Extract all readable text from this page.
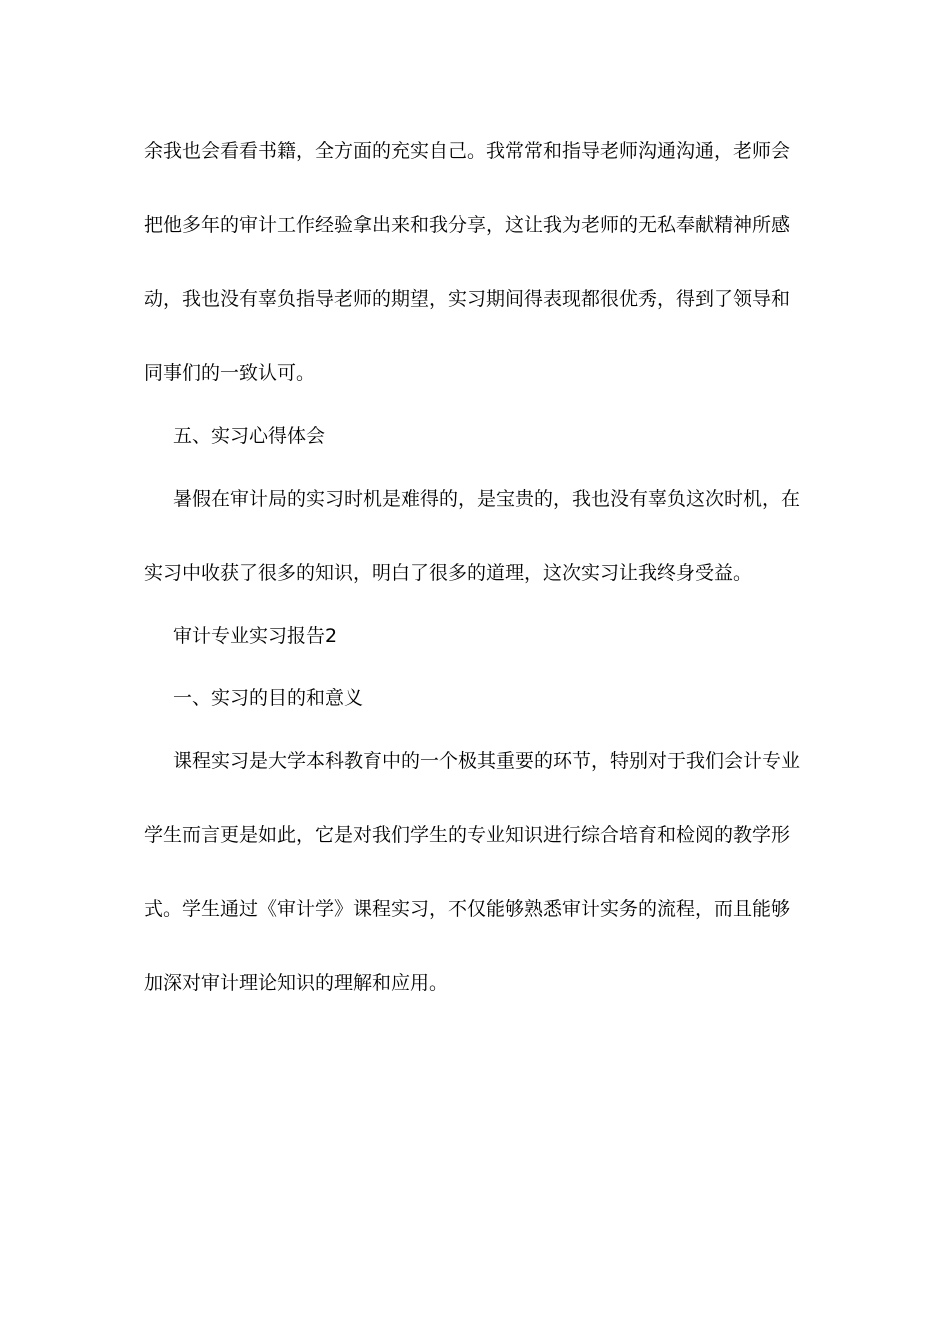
余我也会看看书籍，全方面的充实自己。我常常和指导老师沟通沟通，老师会
把他多年的审计工作经验拿出来和我分享，这让我为老师的无私奉献精神所感
动，我也没有辜负指导老师的期望，实习期间得表现都很优秀，得到了领导和
同事们的一致认可。
五、实习心得体会
暑假在审计局的实习时机是难得的，是宝贵的，我也没有辜负这次时机，在
实习中收获了很多的知识，明白了很多的道理，这次实习让我终身受益。
审计专业实习报告2
一、实习的目的和意义
课程实习是大学本科教育中的一个极其重要的环节，特别对于我们会计专业
学生而言更是如此，它是对我们学生的专业知识进行综合培育和检阅的教学形
式。学生通过《审计学》课程实习，不仅能够熟悉审计实务的流程，而且能够
加深对审计理论知识的理解和应用。
